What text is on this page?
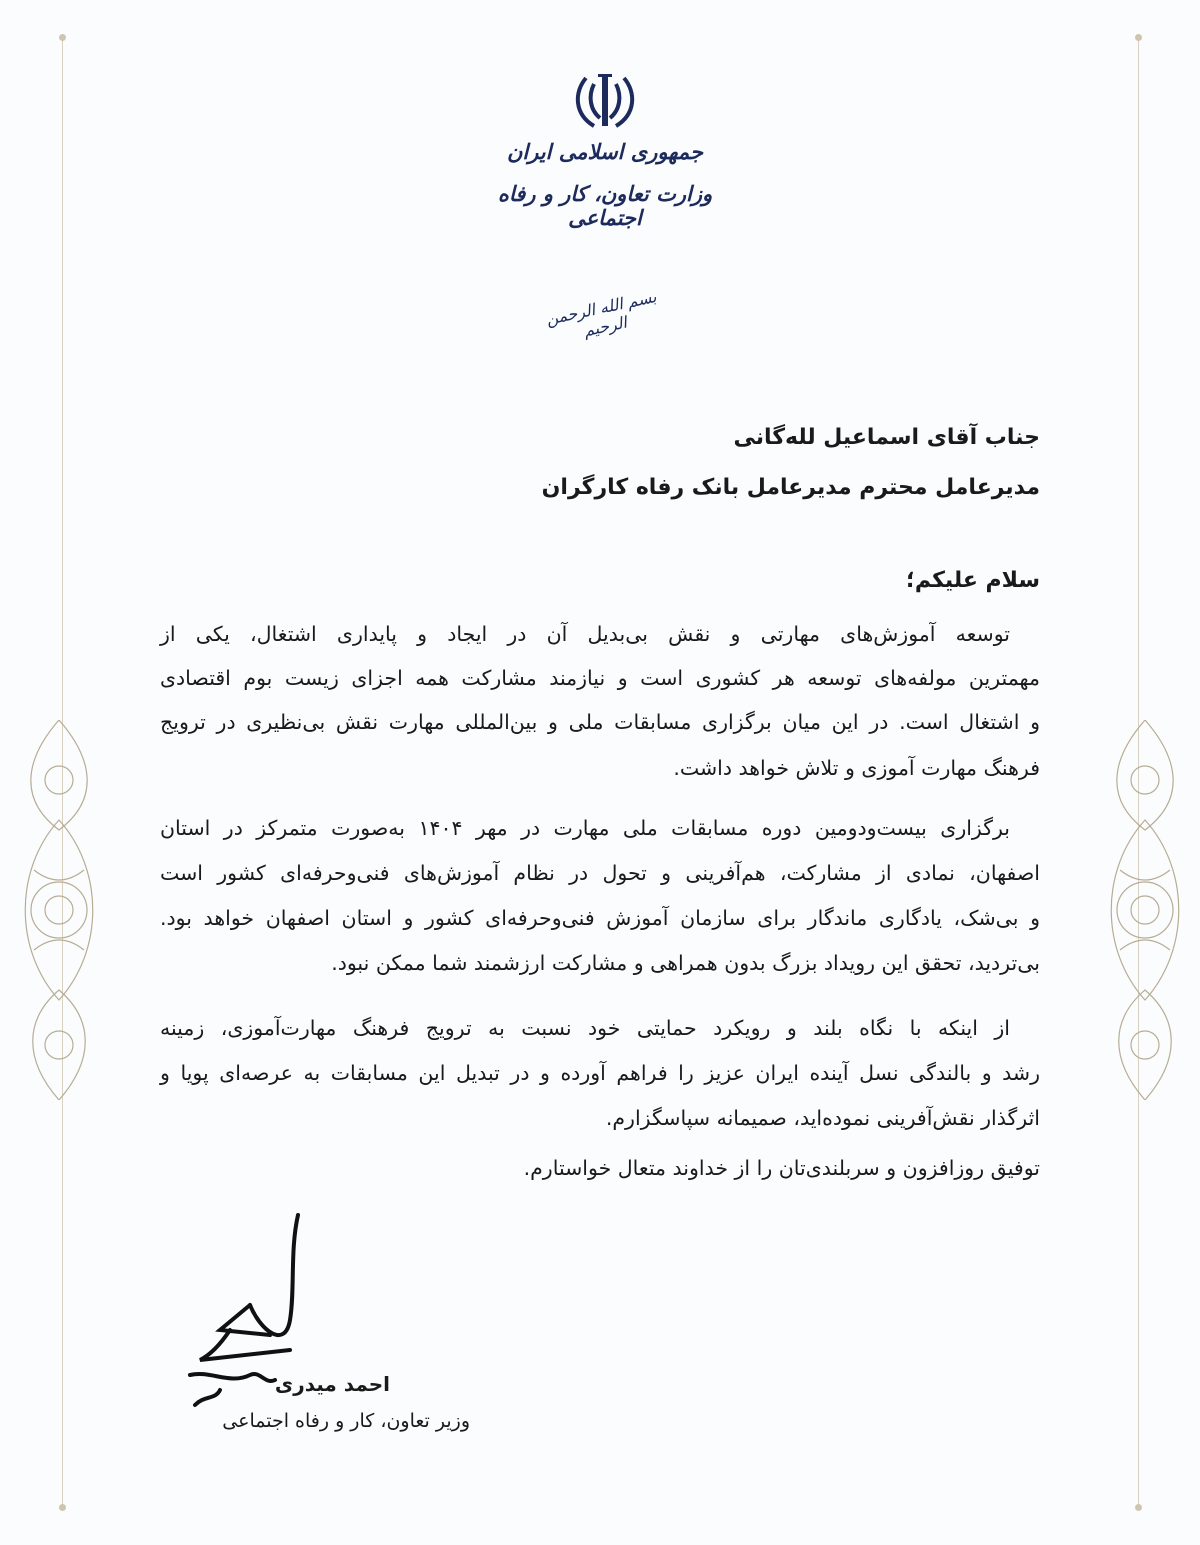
جمهوری اسلامی ایران
وزارت تعاون، کار و رفاه اجتماعی
بسم الله الرحمن الرحیم
جناب آقای اسماعیل لله‌گانی
مدیرعامل محترم مدیرعامل بانک رفاه کارگران
سلام علیکم؛
توسعه آموزش‌های مهارتی و نقش بی‌بدیل آن در ایجاد و پایداری اشتغال، یکی از
مهمترین مولفه‌های توسعه هر کشوری است و نیازمند مشارکت همه اجزای زیست بوم اقتصادی
و اشتغال است. در این میان برگزاری مسابقات ملی و بین‌المللی مهارت نقش بی‌نظیری در ترویج
فرهنگ مهارت آموزی و تلاش خواهد داشت.
برگزاری بیست‌ودومین دوره مسابقات ملی مهارت در مهر ۱۴۰۴ به‌صورت متمرکز در استان
اصفهان، نمادی از مشارکت، هم‌آفرینی و تحول در نظام آموزش‌های فنی‌وحرفه‌ای کشور است
و بی‌شک، یادگاری ماندگار برای سازمان آموزش فنی‌وحرفه‌ای کشور و استان اصفهان خواهد بود.
بی‌تردید، تحقق این رویداد بزرگ بدون همراهی و مشارکت ارزشمند شما ممکن نبود.
از اینکه با نگاه بلند و رویکرد حمایتی خود نسبت به ترویج فرهنگ مهارت‌آموزی، زمینه
رشد و بالندگی نسل آینده ایران عزیز را فراهم آورده و در تبدیل این مسابقات به عرصه‌ای پویا و
اثرگذار نقش‌آفرینی نموده‌اید، صمیمانه سپاسگزارم.
توفیق روزافزون و سربلندی‌تان را از خداوند متعال خواستارم.
احمد میدری
وزیر تعاون، کار و رفاه اجتماعی
